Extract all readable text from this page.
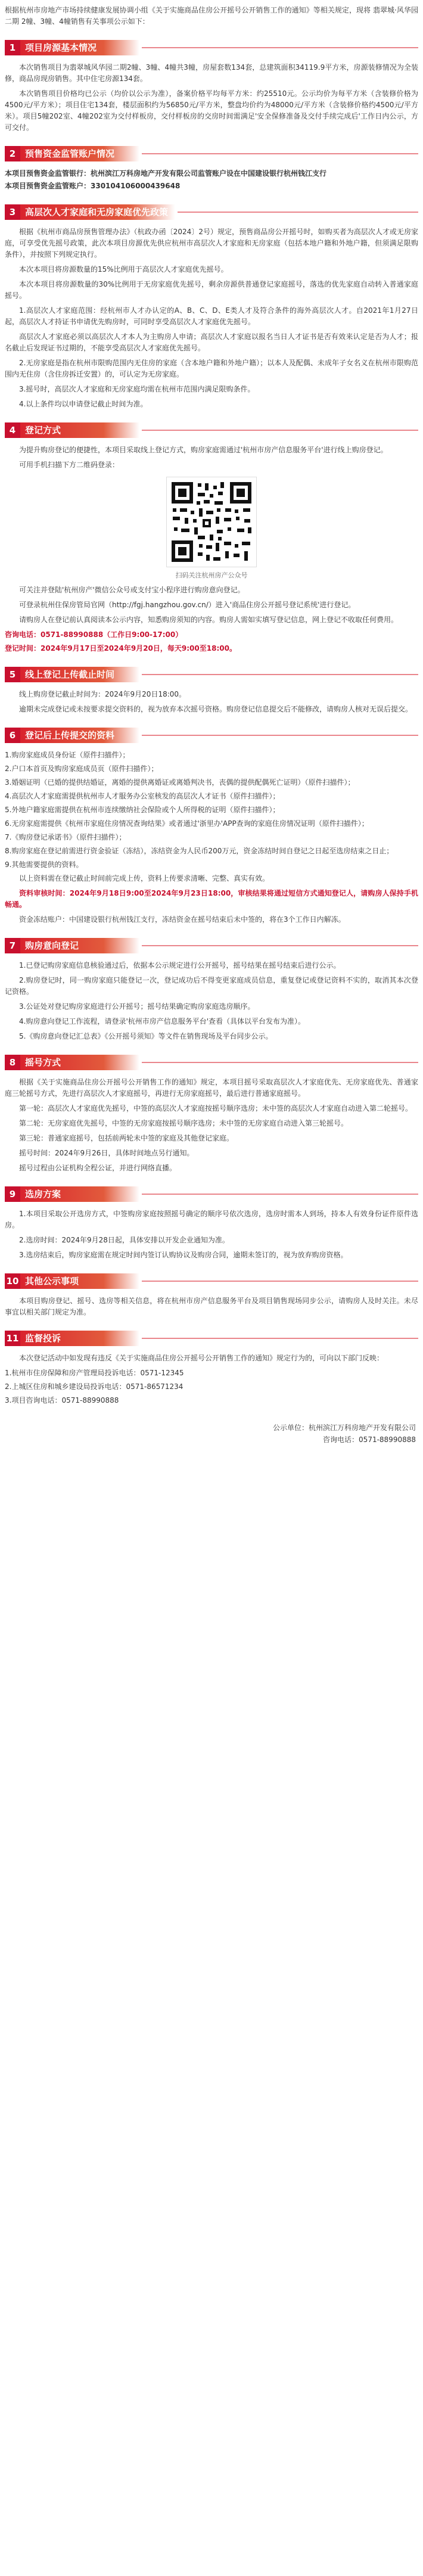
根据杭州市房地产市场持续健康发展协调小组《关于实施商品住房公开摇号公开销售工作的通知》等相关规定，现将 翡翠城·风华园二期 2幢、3幢、4幢销售有关事项公示如下：

1	项目房源基本情况

本次销售项目为翡翠城风华园二期2幢、3幢、4幢共3幢，房屋套数134套，总建筑面积34119.9平方米，房源装修情况为全装修，商品房现房销售。其中住宅房源134套。

本次销售项目价格均已公示（均价以公示为准），备案价格平均每平方米：约25510元。公示均价为每平方米（含装修价格为4500元/平方米）；项目住宅134套，楼层面积约为56850元/平方米，整盘均价约为48000元/平方米（含装修价格约4500元/平方米）。项目5幢202室、4幢202室为交付样板房，交付样板房的交房时间需满足'安全保修准备及交付手续完成后'工作日内公示，方可交付。

2	预售资金监管账户情况

本项目预售资金监管银行：杭州滨江万科房地产开发有限公司监管账户设在中国建设银行杭州钱江支行

本项目预售资金监管账户：330104106000439648

3	高层次人才家庭和无房家庭优先政策

根据《杭州市商品房预售管理办法》（杭政办函〔2024〕2号）规定，预售商品房公开摇号时，如购买者为高层次人才或无房家庭，可享受优先摇号政策，此次本项目房源优先供应杭州市高层次人才家庭和无房家庭（包括本地户籍和外地户籍，但须满足限购条件），并按照下列规定执行。

本次本项目将房源数量的15%比例用于高层次人才家庭优先摇号。

本次本项目将房源数量的30%比例用于无房家庭优先摇号，剩余房源供普通登记家庭摇号，落选的优先家庭自动转入普通家庭摇号。

1.高层次人才家庭范围：经杭州市人才办认定的A、B、C、D、E类人才及符合条件的海外高层次人才。自2021年1月27日起，高层次人才持证书申请优先购房时，可同时享受高层次人才家庭优先摇号。

高层次人才家庭必须以高层次人才本人为主购房人申请；高层次人才家庭以报名当日人才证书是否有效来认定是否为人才；报名截止后发现证书过期的，不能享受高层次人才家庭优先摇号。

2.无房家庭是指在杭州市限购范围内无住房的家庭（含本地户籍和外地户籍）；以本人及配偶、未成年子女名义在杭州市限购范围内无住房（含住房拆迁安置）的，可认定为无房家庭。

3.摇号时，高层次人才家庭和无房家庭均需在杭州市范围内满足限购条件。

4.以上条件均以申请登记截止时间为准。

4	登记方式

为提升购房登记的便捷性，本项目采取线上登记方式，购房家庭需通过'杭州市房产信息服务平台'进行线上购房登记。

可用手机扫描下方二维码登录：

扫码关注杭州房产公众号

可关注并登陆'杭州房产'微信公众号或支付宝小程序进行购房意向登记。

可登录杭州住保房管局官网（http://fgj.hangzhou.gov.cn/）进入'商品住房公开摇号登记系统'进行登记。

请购房人在登记前认真阅读本公示内容，知悉购房须知的内容。购房人需如实填写登记信息，网上登记不收取任何费用。

咨询电话：0571-88990888（工作日9:00-17:00）

登记时间：2024年9月17日至2024年9月20日，每天9:00至18:00。

5	线上登记上传截止时间

线上购房登记截止时间为：2024年9月20日18:00。

逾期未完成登记或未按要求提交资料的，视为放弃本次摇号资格。购房登记信息提交后不能修改，请购房人核对无误后提交。

6	登记后上传提交的资料

1.购房家庭成员身份证（原件扫描件）；

2.户口本首页及购房家庭成员页（原件扫描件）；

3.婚姻证明（已婚的提供结婚证，离婚的提供离婚证或离婚判决书，丧偶的提供配偶死亡证明）（原件扫描件）；

4.高层次人才家庭需提供杭州市人才服务办公室核发的高层次人才证书（原件扫描件）；

5.外地户籍家庭需提供在杭州市连续缴纳社会保险或个人所得税的证明（原件扫描件）；

6.无房家庭需提供《杭州市家庭住房情况查询结果》或者通过'浙里办'APP查询的家庭住房情况证明（原件扫描件）；

7.《购房登记承诺书》（原件扫描件）；

8.购房家庭在登记前需进行资金验证（冻结），冻结资金为人民币200万元，资金冻结时间自登记之日起至选房结束之日止；

9.其他需要提供的资料。

以上资料需在登记截止时间前完成上传，资料上传要求清晰、完整、真实有效。

资料审核时间：2024年9月18日9:00至2024年9月23日18:00，审核结果将通过短信方式通知登记人，请购房人保持手机畅通。

资金冻结账户：中国建设银行杭州钱江支行，冻结资金在摇号结束后未中签的，将在3个工作日内解冻。

7	购房意向登记

1.已登记购房家庭信息核验通过后，依据本公示规定进行公开摇号，摇号结果在摇号结束后进行公示。

2.购房登记时，同一购房家庭只能登记一次，登记成功后不得变更家庭成员信息，重复登记或登记资料不实的，取消其本次登记资格。

3.公证处对登记购房家庭进行公开摇号；摇号结果确定购房家庭选房顺序。

4.购房意向登记工作流程，请登录'杭州市房产信息服务平台'查看（具体以平台发布为准）。

5.《购房意向登记汇总表》《公开摇号须知》等文件在销售现场及平台同步公示。

8	摇号方式

根据《关于实施商品住房公开摇号公开销售工作的通知》规定，本项目摇号采取高层次人才家庭优先、无房家庭优先、普通家庭三轮摇号方式，先进行高层次人才家庭摇号，再进行无房家庭摇号，最后进行普通家庭摇号。

第一轮：高层次人才家庭优先摇号，中签的高层次人才家庭按摇号顺序选房；未中签的高层次人才家庭自动进入第二轮摇号。

第二轮：无房家庭优先摇号，中签的无房家庭按摇号顺序选房；未中签的无房家庭自动进入第三轮摇号。

第三轮：普通家庭摇号，包括前两轮未中签的家庭及其他登记家庭。

摇号时间：2024年9月26日，具体时间地点另行通知。

摇号过程由公证机构全程公证，并进行网络直播。

9	选房方案

1.本项目采取公开选房方式，中签购房家庭按照摇号确定的顺序号依次选房，选房时需本人到场，持本人有效身份证件原件选房。

2.选房时间：2024年9月28日起，具体安排以开发企业通知为准。

3.选房结束后，购房家庭需在规定时间内签订认购协议及购房合同，逾期未签订的，视为放弃购房资格。

10 其他公示事项

本项目购房登记、摇号、选房等相关信息，将在杭州市房产信息服务平台及项目销售现场同步公示，请购房人及时关注。未尽事宜以相关部门规定为准。

11 监督投诉

本次登记活动中如发现有违反《关于实施商品住房公开摇号公开销售工作的通知》规定行为的，可向以下部门反映：

1.杭州市住房保障和房产管理局投诉电话：0571-12345

2.上城区住房和城乡建设局投诉电话：0571-86571234

3.项目咨询电话：0571-88990888

公示单位：杭州滨江万科房地产开发有限公司
咨询电话：0571-88990888
